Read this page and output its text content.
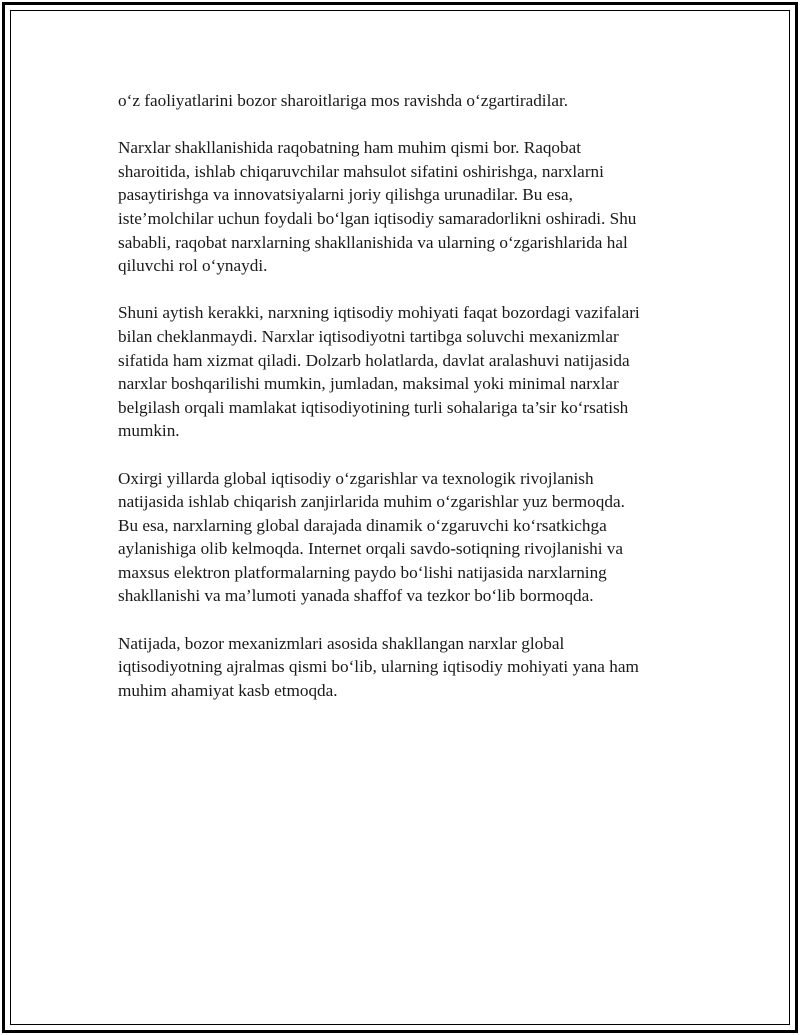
o‘z faoliyatlarini bozor sharoitlariga mos ravishda o‘zgartiradilar.

Narxlar shakllanishida raqobatning ham muhim qismi bor. Raqobat
sharoitida, ishlab chiqaruvchilar mahsulot sifatini oshirishga, narxlarni
pasaytirishga va innovatsiyalarni joriy qilishga urunadilar. Bu esa,
iste’molchilar uchun foydali bo‘lgan iqtisodiy samaradorlikni oshiradi. Shu
sababli, raqobat narxlarning shakllanishida va ularning o‘zgarishlarida hal
qiluvchi rol o‘ynaydi.

Shuni aytish kerakki, narxning iqtisodiy mohiyati faqat bozordagi vazifalari
bilan cheklanmaydi. Narxlar iqtisodiyotni tartibga soluvchi mexanizmlar
sifatida ham xizmat qiladi. Dolzarb holatlarda, davlat aralashuvi natijasida
narxlar boshqarilishi mumkin, jumladan, maksimal yoki minimal narxlar
belgilash orqali mamlakat iqtisodiyotining turli sohalariga ta’sir ko‘rsatish
mumkin.

Oxirgi yillarda global iqtisodiy o‘zgarishlar va texnologik rivojlanish
natijasida ishlab chiqarish zanjirlarida muhim o‘zgarishlar yuz bermoqda.
Bu esa, narxlarning global darajada dinamik o‘zgaruvchi ko‘rsatkichga
aylanishiga olib kelmoqda. Internet orqali savdo-sotiqning rivojlanishi va
maxsus elektron platformalarning paydo bo‘lishi natijasida narxlarning
shakllanishi va ma’lumoti yanada shaffof va tezkor bo‘lib bormoqda.

Natijada, bozor mexanizmlari asosida shakllangan narxlar global
iqtisodiyotning ajralmas qismi bo‘lib, ularning iqtisodiy mohiyati yana ham
muhim ahamiyat kasb etmoqda.
